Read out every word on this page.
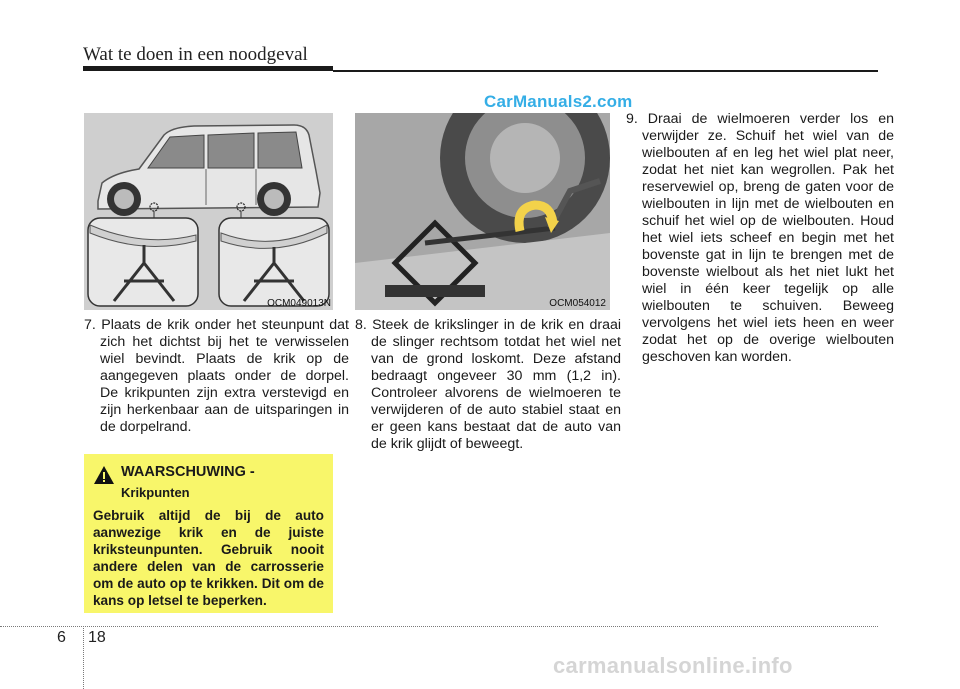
Wat te doen in een noodgeval
CarManuals2.com
OCM049013N	OCM054012
7. Plaats de krik onder het steunpunt dat zich het dichtst bij het te verwisselen wiel bevindt. Plaats de krik op de aangegeven plaats onder de dorpel. De krikpunten zijn extra verstevigd en zijn herkenbaar aan de uitsparingen in de dorpelrand.
8. Steek de krikslinger in de krik en draai de slinger rechtsom totdat het wiel net van de grond loskomt. Deze afstand bedraagt ongeveer 30 mm (1,2 in). Controleer alvorens de wielmoeren te verwijderen of de auto stabiel staat en er geen kans bestaat dat de auto van de krik glijdt of beweegt.
9. Draai de wielmoeren verder los en verwijder ze. Schuif het wiel van de wielbouten af en leg het wiel plat neer, zodat het niet kan wegrollen. Pak het reservewiel op, breng de gaten voor de wielbouten in lijn met de wielbouten en schuif het wiel op de wielbouten. Houd het wiel iets scheef en begin met het bovenste gat in lijn te brengen met de bovenste wielbout als het niet lukt het wiel in één keer tegelijk op alle wielbouten te schuiven. Beweeg vervolgens het wiel iets heen en weer zodat het op de overige wielbouten geschoven kan worden.
WAARSCHUWING -
Krikpunten
Gebruik altijd de bij de auto aanwezige krik en de juiste kriksteunpunten. Gebruik nooit andere delen van de carrosserie om de auto op te krikken. Dit om de kans op letsel te beperken.
6 18
carmanualsonline.info
